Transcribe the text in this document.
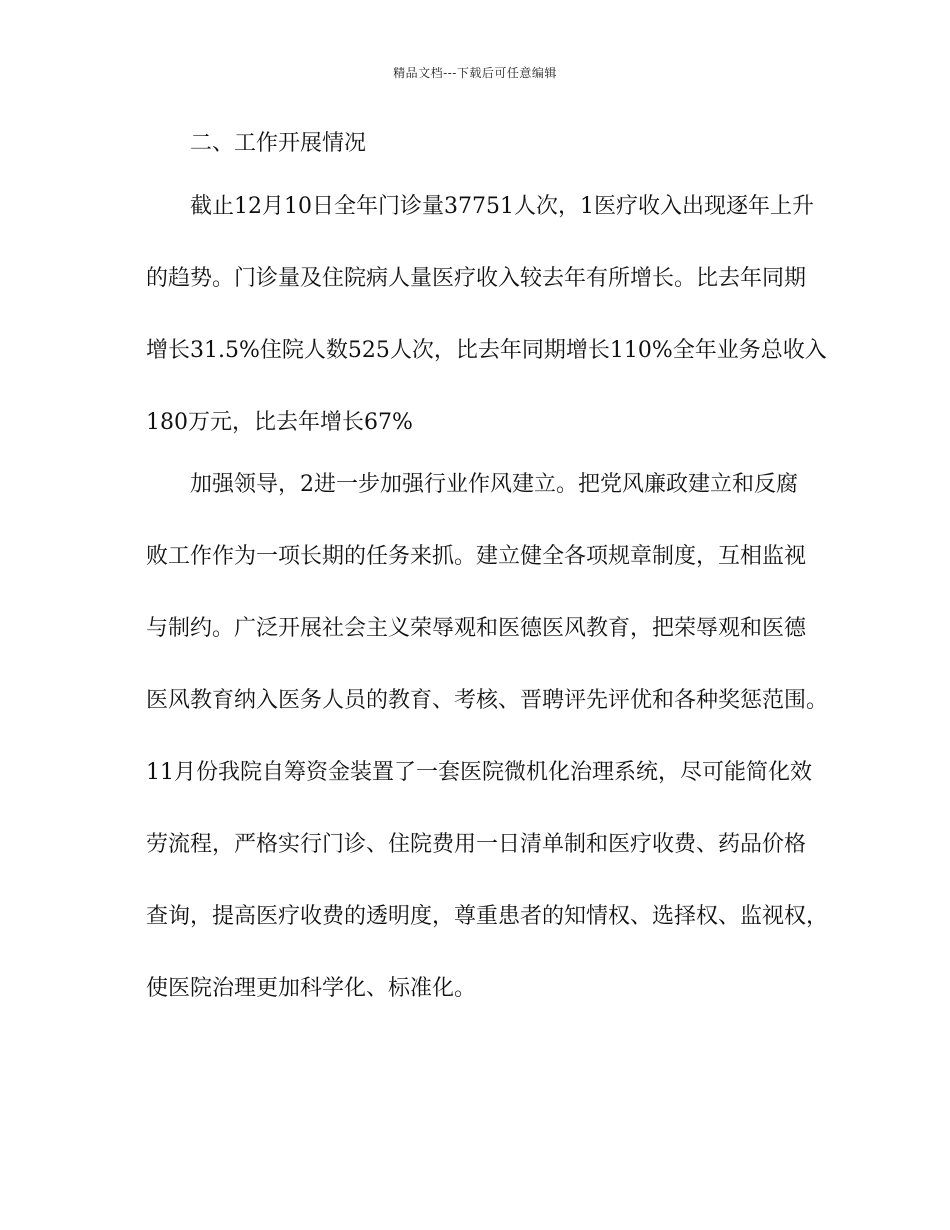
精品文档---下载后可任意编辑
二、工作开展情况
截止12月10日全年门诊量37751人次，1医疗收入出现逐年上升
的趋势。门诊量及住院病人量医疗收入较去年有所增长。比去年同期
增长31.5%住院人数525人次，比去年同期增长110%全年业务总收入
180万元，比去年增长67%
加强领导，2进一步加强行业作风建立。把党风廉政建立和反腐
败工作作为一项长期的任务来抓。建立健全各项规章制度，互相监视
与制约。广泛开展社会主义荣辱观和医德医风教育，把荣辱观和医德
医风教育纳入医务人员的教育、考核、晋聘评先评优和各种奖惩范围。
11月份我院自筹资金装置了一套医院微机化治理系统，尽可能简化效
劳流程，严格实行门诊、住院费用一日清单制和医疗收费、药品价格
查询，提高医疗收费的透明度，尊重患者的知情权、选择权、监视权，
使医院治理更加科学化、标准化。
